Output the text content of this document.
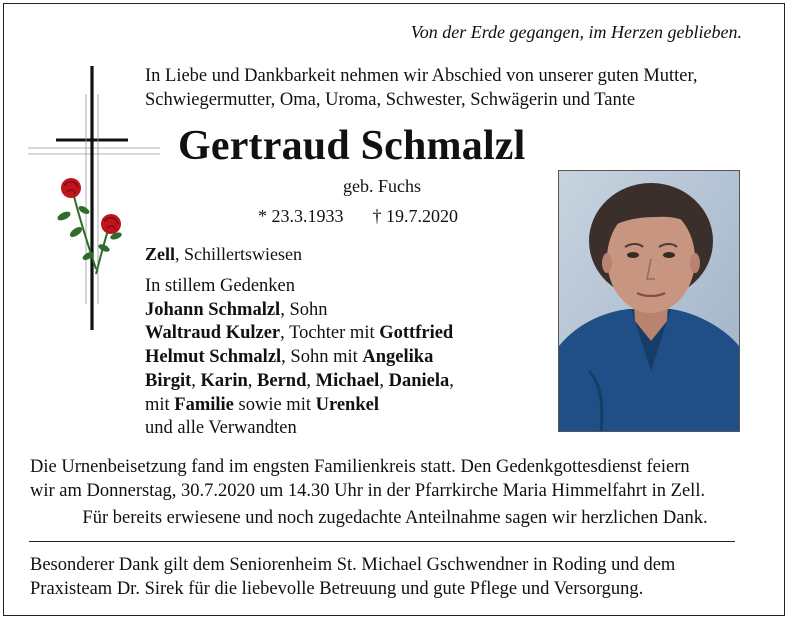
Von der Erde gegangen, im Herzen geblieben.
In Liebe und Dankbarkeit nehmen wir Abschied von unserer guten Mutter,
Schwiegermutter, Oma, Uroma, Schwester, Schwägerin und Tante
Gertraud Schmalzl
geb. Fuchs
* 23.3.1933 † 19.7.2020
Zell, Schillertswiesen
In stillem Gedenken
Johann Schmalzl, Sohn
Waltraud Kulzer, Tochter mit Gottfried
Helmut Schmalzl, Sohn mit Angelika
Birgit, Karin, Bernd, Michael, Daniela,
mit Familie sowie mit Urenkel
und alle Verwandten
Die Urnenbeisetzung fand im engsten Familienkreis statt. Den Gedenkgottesdienst feiern
wir am Donnerstag, 30.7.2020 um 14.30 Uhr in der Pfarrkirche Maria Himmelfahrt in Zell.
Für bereits erwiesene und noch zugedachte Anteilnahme sagen wir herzlichen Dank.
Besonderer Dank gilt dem Seniorenheim St. Michael Gschwendner in Roding und dem
Praxisteam Dr. Sirek für die liebevolle Betreuung und gute Pflege und Versorgung.
